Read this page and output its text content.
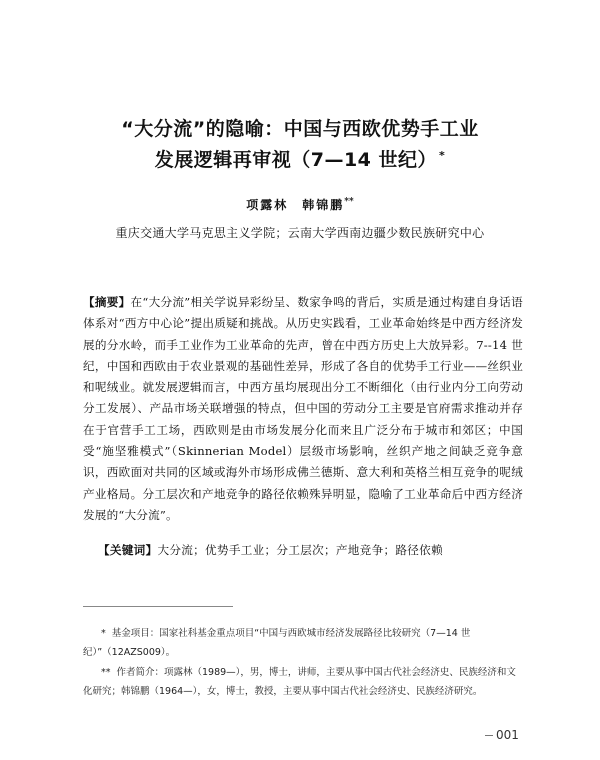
“大分流”的隐喻：中国与西欧优势手工业
发展逻辑再审视（7—14 世纪） *
项露林 韩锦鹏**
重庆交通大学马克思主义学院；云南大学西南边疆少数民族研究中心
【摘要】在“大分流”相关学说异彩纷呈、数家争鸣的背后，实质是通过构建自身话语体系对“西方中心论”提出质疑和挑战。从历史实践看，工业革命始终是中西方经济发展的分水岭，而手工业作为工业革命的先声，曾在中西方历史上大放异彩。7--14 世纪，中国和西欧由于农业景观的基础性差异，形成了各自的优势手工行业——丝织业和呢绒业。就发展逻辑而言，中西方虽均展现出分工不断细化（由行业内分工向劳动分工发展）、产品市场关联增强的特点，但中国的劳动分工主要是官府需求推动并存在于官营手工工场，西欧则是由市场发展分化而来且广泛分布于城市和郊区；中国受“施坚雅模式”（Skinnerian Model）层级市场影响，丝织产地之间缺乏竞争意识，西欧面对共同的区域或海外市场形成佛兰德斯、意大利和英格兰相互竞争的呢绒产业格局。分工层次和产地竞争的路径依赖殊异明显，隐喻了工业革命后中西方经济发展的“大分流”。
【关键词】大分流；优势手工业；分工层次；产地竞争；路径依赖

* 基金项目：国家社科基金重点项目“中国与西欧城市经济发展路径比较研究（7—14 世纪）”（12AZS009）。

** 作者简介：项露林（1989—），男，博士，讲师，主要从事中国古代社会经济史、民族经济和文化研究；韩锦鹏（1964—），女，博士，教授，主要从事中国古代社会经济史、民族经济研究。

001
